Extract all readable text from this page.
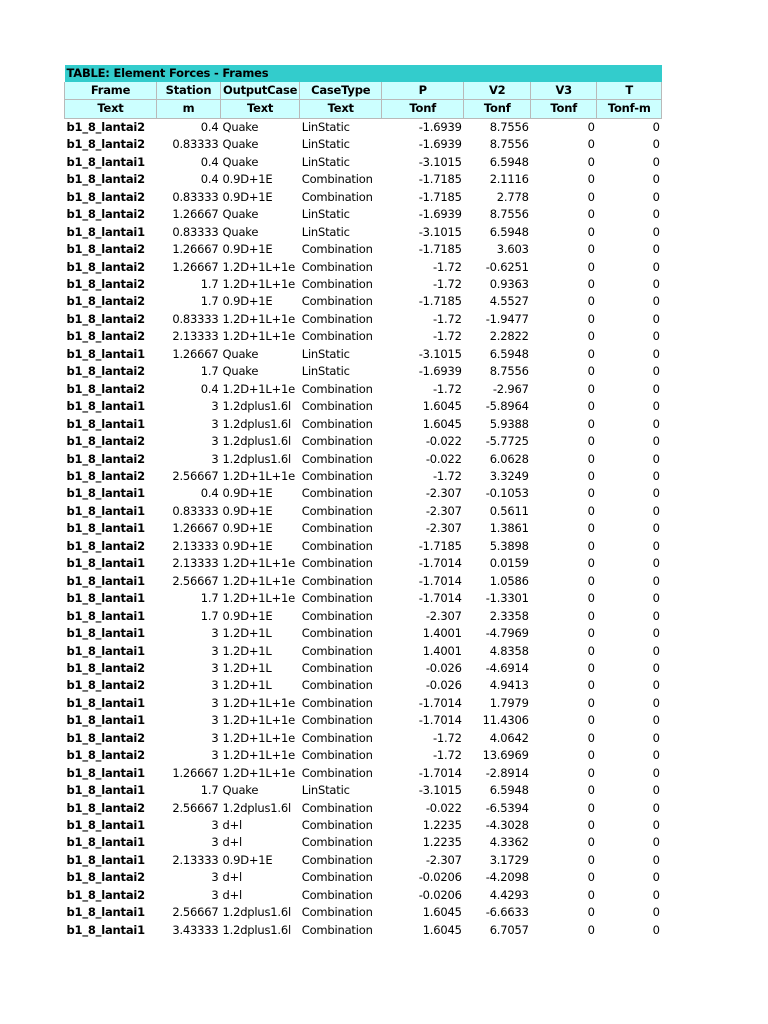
TABLE: Element Forces - Frames							
Frame	Station	OutputCase	CaseType	P	V2	V3	T
Text	m	Text	Text	Tonf	Tonf	Tonf	Tonf-m
b1_8_lantai2	0.4	Quake	LinStatic	-1.6939	8.7556	0	0
b1_8_lantai2	0.83333	Quake	LinStatic	-1.6939	8.7556	0	0
b1_8_lantai1	0.4	Quake	LinStatic	-3.1015	6.5948	0	0
b1_8_lantai2	0.4	0.9D+1E	Combination	-1.7185	2.1116	0	0
b1_8_lantai2	0.83333	0.9D+1E	Combination	-1.7185	2.778	0	0
b1_8_lantai2	1.26667	Quake	LinStatic	-1.6939	8.7556	0	0
b1_8_lantai1	0.83333	Quake	LinStatic	-3.1015	6.5948	0	0
b1_8_lantai2	1.26667	0.9D+1E	Combination	-1.7185	3.603	0	0
b1_8_lantai2	1.26667	1.2D+1L+1e	Combination	-1.72	-0.6251	0	0
b1_8_lantai2	1.7	1.2D+1L+1e	Combination	-1.72	0.9363	0	0
b1_8_lantai2	1.7	0.9D+1E	Combination	-1.7185	4.5527	0	0
b1_8_lantai2	0.83333	1.2D+1L+1e	Combination	-1.72	-1.9477	0	0
b1_8_lantai2	2.13333	1.2D+1L+1e	Combination	-1.72	2.2822	0	0
b1_8_lantai1	1.26667	Quake	LinStatic	-3.1015	6.5948	0	0
b1_8_lantai2	1.7	Quake	LinStatic	-1.6939	8.7556	0	0
b1_8_lantai2	0.4	1.2D+1L+1e	Combination	-1.72	-2.967	0	0
b1_8_lantai1	3	1.2dplus1.6l	Combination	1.6045	-5.8964	0	0
b1_8_lantai1	3	1.2dplus1.6l	Combination	1.6045	5.9388	0	0
b1_8_lantai2	3	1.2dplus1.6l	Combination	-0.022	-5.7725	0	0
b1_8_lantai2	3	1.2dplus1.6l	Combination	-0.022	6.0628	0	0
b1_8_lantai2	2.56667	1.2D+1L+1e	Combination	-1.72	3.3249	0	0
b1_8_lantai1	0.4	0.9D+1E	Combination	-2.307	-0.1053	0	0
b1_8_lantai1	0.83333	0.9D+1E	Combination	-2.307	0.5611	0	0
b1_8_lantai1	1.26667	0.9D+1E	Combination	-2.307	1.3861	0	0
b1_8_lantai2	2.13333	0.9D+1E	Combination	-1.7185	5.3898	0	0
b1_8_lantai1	2.13333	1.2D+1L+1e	Combination	-1.7014	0.0159	0	0
b1_8_lantai1	2.56667	1.2D+1L+1e	Combination	-1.7014	1.0586	0	0
b1_8_lantai1	1.7	1.2D+1L+1e	Combination	-1.7014	-1.3301	0	0
b1_8_lantai1	1.7	0.9D+1E	Combination	-2.307	2.3358	0	0
b1_8_lantai1	3	1.2D+1L	Combination	1.4001	-4.7969	0	0
b1_8_lantai1	3	1.2D+1L	Combination	1.4001	4.8358	0	0
b1_8_lantai2	3	1.2D+1L	Combination	-0.026	-4.6914	0	0
b1_8_lantai2	3	1.2D+1L	Combination	-0.026	4.9413	0	0
b1_8_lantai1	3	1.2D+1L+1e	Combination	-1.7014	1.7979	0	0
b1_8_lantai1	3	1.2D+1L+1e	Combination	-1.7014	11.4306	0	0
b1_8_lantai2	3	1.2D+1L+1e	Combination	-1.72	4.0642	0	0
b1_8_lantai2	3	1.2D+1L+1e	Combination	-1.72	13.6969	0	0
b1_8_lantai1	1.26667	1.2D+1L+1e	Combination	-1.7014	-2.8914	0	0
b1_8_lantai1	1.7	Quake	LinStatic	-3.1015	6.5948	0	0
b1_8_lantai2	2.56667	1.2dplus1.6l	Combination	-0.022	-6.5394	0	0
b1_8_lantai1	3	d+l	Combination	1.2235	-4.3028	0	0
b1_8_lantai1	3	d+l	Combination	1.2235	4.3362	0	0
b1_8_lantai1	2.13333	0.9D+1E	Combination	-2.307	3.1729	0	0
b1_8_lantai2	3	d+l	Combination	-0.0206	-4.2098	0	0
b1_8_lantai2	3	d+l	Combination	-0.0206	4.4293	0	0
b1_8_lantai1	2.56667	1.2dplus1.6l	Combination	1.6045	-6.6633	0	0
b1_8_lantai1	3.43333	1.2dplus1.6l	Combination	1.6045	6.7057	0	0
